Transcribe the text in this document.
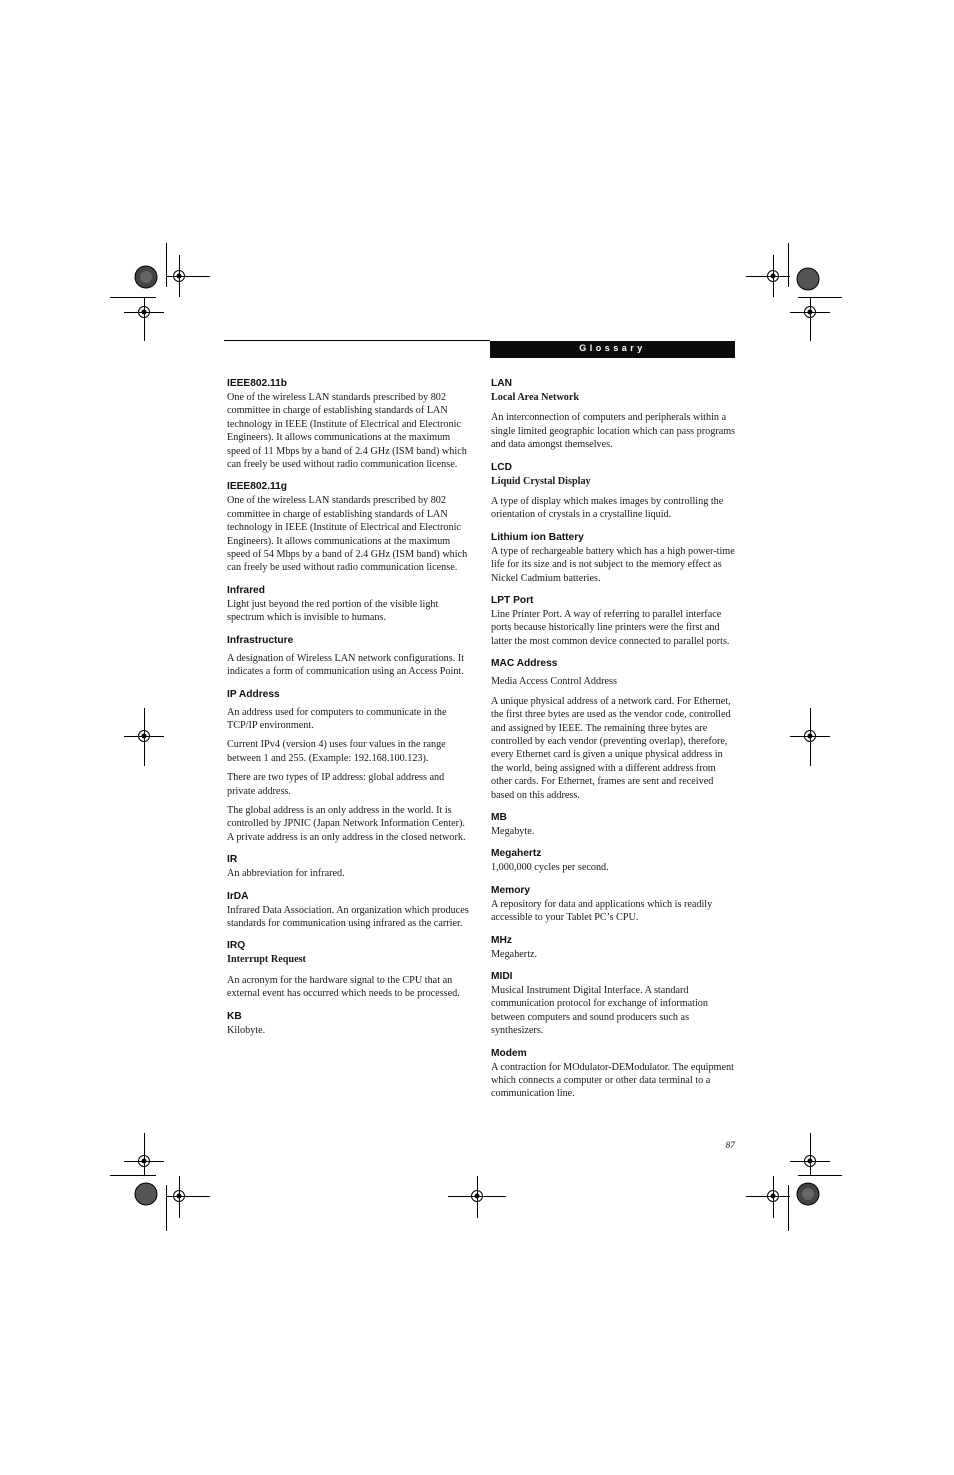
Glossary
IEEE802.11b

One of the wireless LAN standards prescribed by 802 committee in charge of establishing standards of LAN technology in IEEE (Institute of Electrical and Electronic Engineers). It allows communications at the maximum speed of 11 Mbps by a band of 2.4 GHz (ISM band) which can freely be used without radio communication license.

IEEE802.11g

One of the wireless LAN standards prescribed by 802 committee in charge of establishing standards of LAN technology in IEEE (Institute of Electrical and Electronic Engineers). It allows communications at the maximum speed of 54 Mbps by a band of 2.4 GHz (ISM band) which can freely be used without radio communication license.

Infrared

Light just beyond the red portion of the visible light spectrum which is invisible to humans.

Infrastructure

A designation of Wireless LAN network configurations. It indicates a form of communication using an Access Point.

IP Address

An address used for computers to communicate in the TCP/IP environment.

Current IPv4 (version 4) uses four values in the range between 1 and 255. (Example: 192.168.100.123).

There are two types of IP address: global address and private address.

The global address is an only address in the world. It is controlled by JPNIC (Japan Network Information Center). A private address is an only address in the closed network.

IR

An abbreviation for infrared.

IrDA

Infrared Data Association. An organization which produces standards for communication using infrared as the carrier.

IRQ
Interrupt Request

An acronym for the hardware signal to the CPU that an external event has occurred which needs to be processed.

KB

Kilobyte.

LAN
Local Area Network

An interconnection of computers and peripherals within a single limited geographic location which can pass programs and data amongst themselves.

LCD
Liquid Crystal Display

A type of display which makes images by controlling the orientation of crystals in a crystalline liquid.

Lithium ion Battery

A type of rechargeable battery which has a high power-time life for its size and is not subject to the memory effect as Nickel Cadmium batteries.

LPT Port

Line Printer Port. A way of referring to parallel interface ports because historically line printers were the first and latter the most common device connected to parallel ports.

MAC Address

Media Access Control Address

A unique physical address of a network card. For Ethernet, the first three bytes are used as the vendor code, controlled and assigned by IEEE. The remaining three bytes are controlled by each vendor (preventing overlap), therefore, every Ethernet card is given a unique physical address in the world, being assigned with a different address from other cards. For Ethernet, frames are sent and received based on this address.

MB

Megabyte.

Megahertz

1,000,000 cycles per second.

Memory

A repository for data and applications which is readily accessible to your Tablet PC’s CPU.

MHz

Megahertz.

MIDI

Musical Instrument Digital Interface. A standard communication protocol for exchange of information between computers and sound producers such as synthesizers.

Modem

A contraction for MOdulator-DEModulator. The equipment which connects a computer or other data terminal to a communication line.

87
